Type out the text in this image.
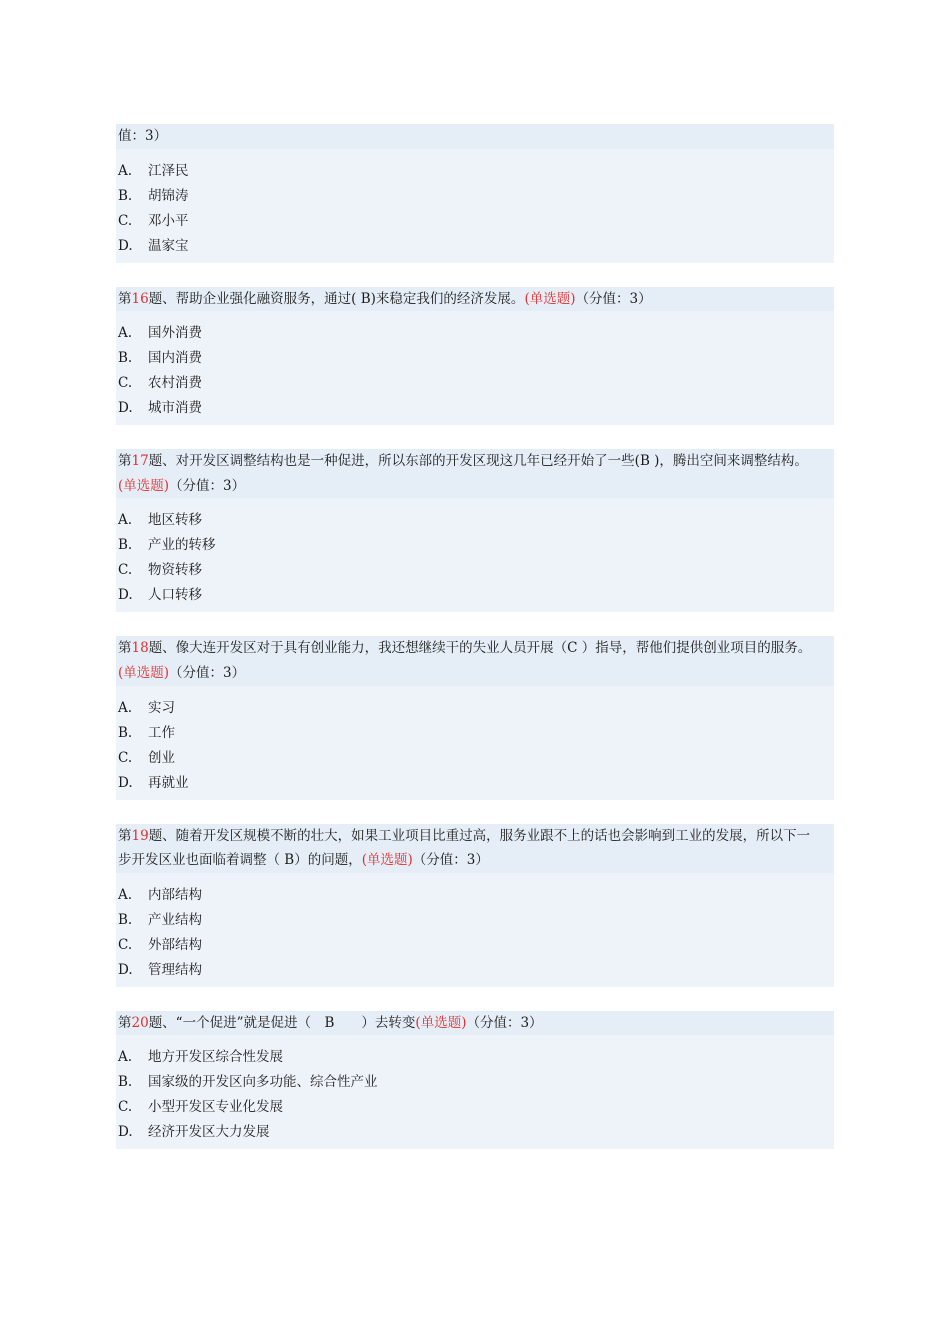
值：3）
A.	江泽民
B.	胡锦涛
C.	邓小平
D.	温家宝
第16题、帮助企业强化融资服务，通过( B)来稳定我们的经济发展。(单选题)（分值：3）
A.	国外消费
B.	国内消费
C.	农村消费
D.	城市消费
第17题、对开发区调整结构也是一种促进，所以东部的开发区现这几年已经开始了一些(B )，腾出空间来调整结构。
(单选题)（分值：3）
A.	地区转移
B.	产业的转移
C.	物资转移
D.	人口转移
第18题、像大连开发区对于具有创业能力，我还想继续干的失业人员开展（C ）指导，帮他们提供创业项目的服务。
(单选题)（分值：3）
A.	实习
B.	工作
C.	创业
D.	再就业
第19题、随着开发区规模不断的壮大，如果工业项目比重过高，服务业跟不上的话也会影响到工业的发展，所以下一
步开发区业也面临着调整（ B）的问题，(单选题)（分值：3）
A.	内部结构
B.	产业结构
C.	外部结构
D.	管理结构
第20题、“一个促进”就是促进（　B　　）去转变(单选题)（分值：3）
A.	地方开发区综合性发展
B.	国家级的开发区向多功能、综合性产业
C.	小型开发区专业化发展
D.	经济开发区大力发展
